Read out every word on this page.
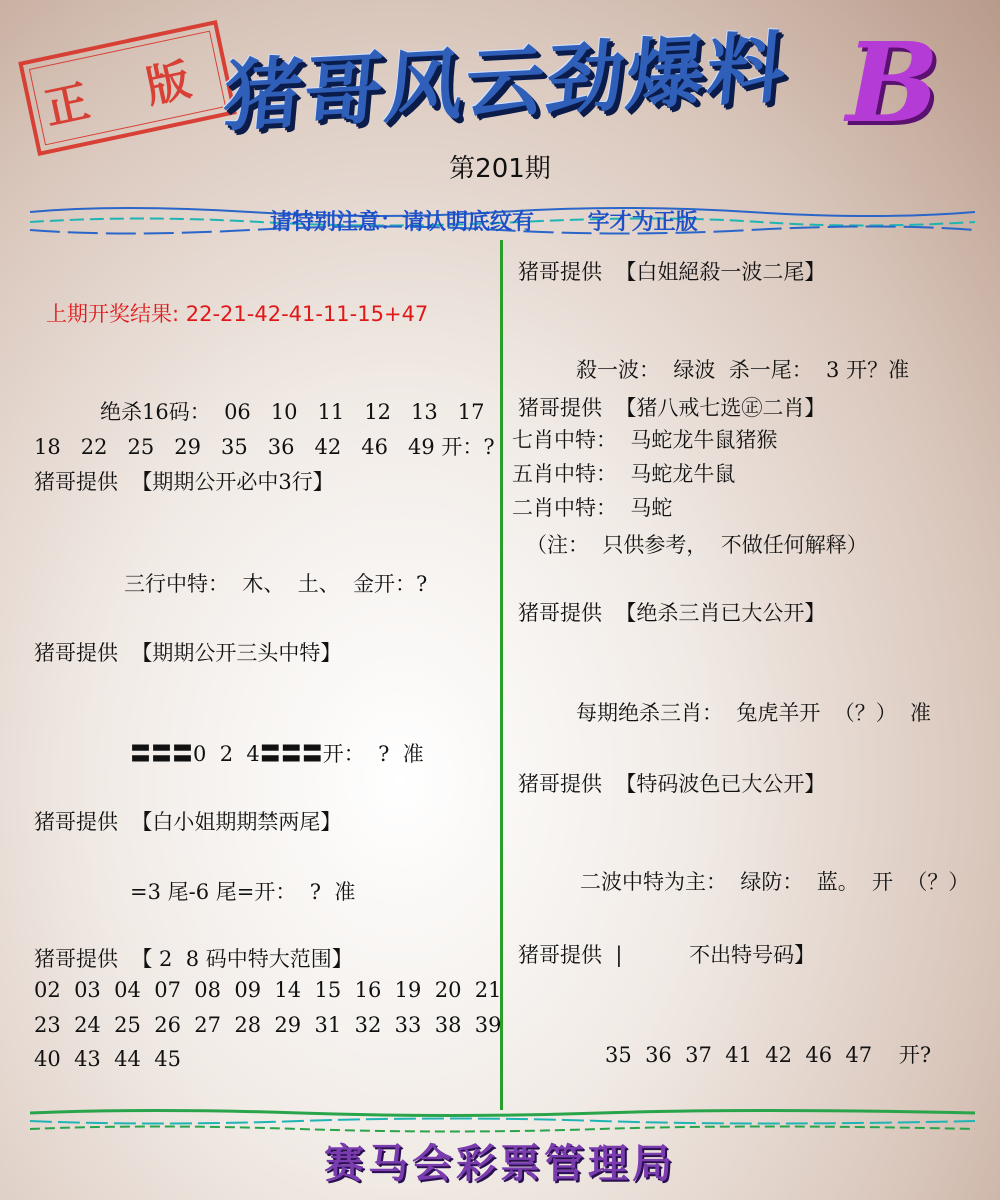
正 版 猪哥风云劲爆料 B
第201期
请特别注意：请认明底纹有       字才为正版
上期开奖结果: 22-21-42-41-11-15+47
绝杀16码：  06   10   11   12   13   17
18   22   25   29   35   36   42   46   49 开：?
猪哥提供  【期期公开必中3行】
三行中特：  木、  土、  金开：?
猪哥提供  【期期公开三头中特】
〓〓〓0  2  4〓〓〓开：  ?  准
猪哥提供  【白小姐期期禁两尾】
=3 尾-6 尾=开：  ?  准
猪哥提供  【 2  8 码中特大范围】
02  03  04  07  08  09  14  15  16  19  20  21
23  24  25  26  27  28  29  31  32  33  38  39
40  43  44  45
猪哥提供  【白姐絕殺一波二尾】
殺一波：  绿波  杀一尾：  3 开？准
猪哥提供  【猪八戒七选㊣二肖】
七肖中特：  马蛇龙牛鼠猪猴
五肖中特：  马蛇龙牛鼠
二肖中特：  马蛇
（注：  只供参考，  不做任何解释）
猪哥提供  【绝杀三肖已大公开】
每期绝杀三肖：  兔虎羊开  （？）  准
猪哥提供  【特码波色已大公开】
二波中特为主：  绿防：  蓝。  开  （？）
猪哥提供  |          不出特号码】
35  36  37  41  42  46  47    开?
赛马会彩票管理局
